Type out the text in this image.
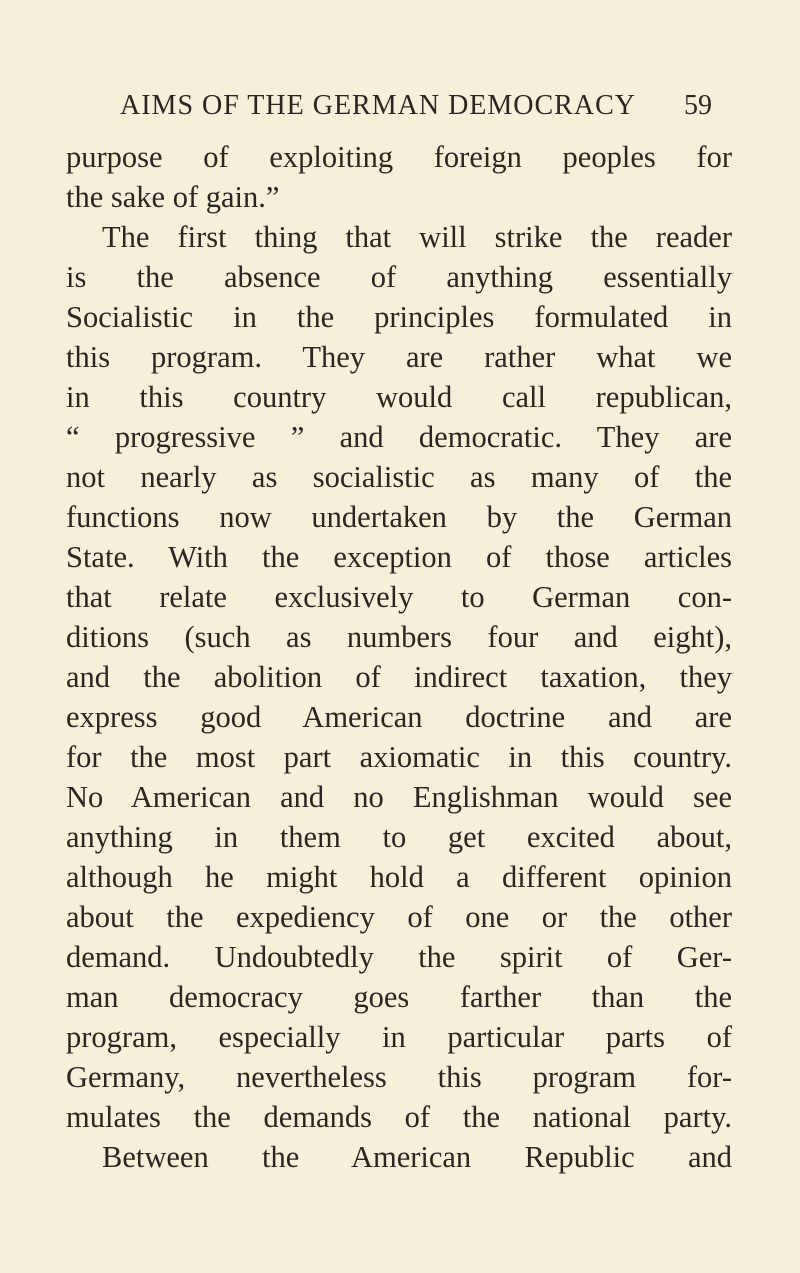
AIMS OF THE GERMAN DEMOCRACY 59
purpose of exploiting foreign peoples for
the sake of gain.”
The first thing that will strike the reader
is the absence of anything essentially
Socialistic in the principles formulated in
this program. They are rather what we
in this country would call republican,
“ progressive ” and democratic. They are
not nearly as socialistic as many of the
functions now undertaken by the German
State. With the exception of those articles
that relate exclusively to German con-
ditions (such as numbers four and eight),
and the abolition of indirect taxation, they
express good American doctrine and are
for the most part axiomatic in this country.
No American and no Englishman would see
anything in them to get excited about,
although he might hold a different opinion
about the expediency of one or the other
demand. Undoubtedly the spirit of Ger-
man democracy goes farther than the
program, especially in particular parts of
Germany, nevertheless this program for-
mulates the demands of the national party.
Between the American Republic and
